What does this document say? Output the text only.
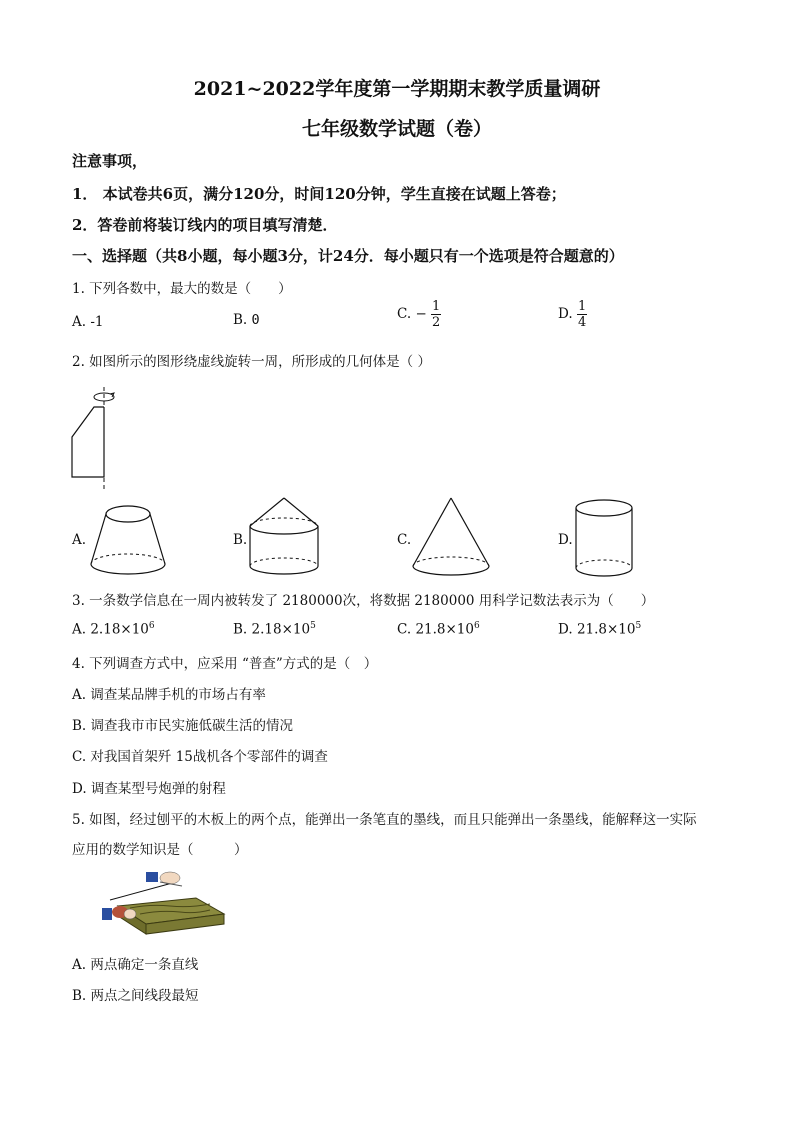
2021~2022学年度第一学期期末教学质量调研
七年级数学试题（卷）
注意事项，
1． 本试卷共6页，满分120分，时间120分钟，学生直接在试题上答卷；
2．答卷前将装订线内的项目填写清楚．
一、选择题（共8小题，每小题3分，计24分．每小题只有一个选项是符合题意的）
1. 下列各数中，最大的数是（　　）
A. -1	B. 0	C. − $\frac{1}{2}$	D. $\frac{1}{4}$
2. 如图所示的图形绕虚线旋转一周，所形成的几何体是（ ）
A.	B.	C.	D.
3. 一条数学信息在一周内被转发了 2180000次，将数据 2180000 用科学记数法表示为（　　）
A. $2.18\times 10^6$	B. $2.18\times 10^5$	C. $21.8\times 10^6$	D. $21.8\times 10^5$
4. 下列调查方式中，应采用 “普查”方式的是（　）
A. 调查某品牌手机的市场占有率
B. 调查我市市民实施低碳生活的情况
C. 对我国首架歼 15战机各个零部件的调查
D. 调查某型号炮弹的射程
5. 如图，经过刨平的木板上的两个点，能弹出一条笔直的墨线，而且只能弹出一条墨线，能解释这一实际
应用的数学知识是（　　　）
A. 两点确定一条直线
B. 两点之间线段最短
